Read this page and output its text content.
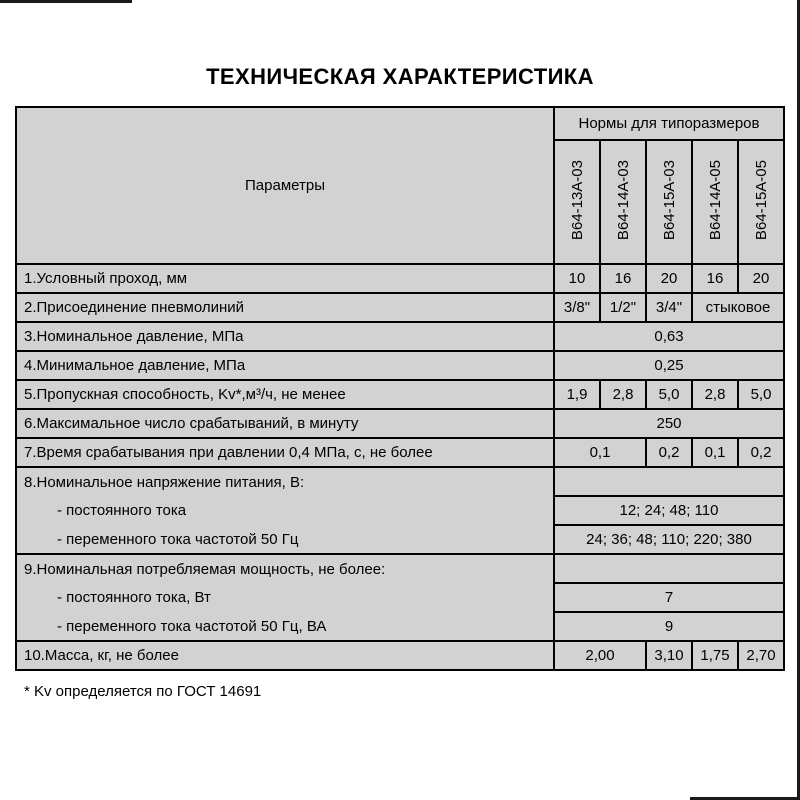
ТЕХНИЧЕСКАЯ ХАРАКТЕРИСТИКА
Параметры	Нормы для типоразмеров				
	В64-13А-03	В64-14А-03	В64-15А-03	В64-14А-05	В64-15А-05
1.Условный проход, мм	10	16	20	16	20
2.Присоединение пневмолиний	3/8"	1/2"	3/4"	стыковое	
3.Номинальное давление, МПа	0,63				
4.Минимальное давление, МПа	0,25				
5.Пропускная способность, Kv*,м³/ч, не менее	1,9	2,8	5,0	2,8	5,0
6.Максимальное число срабатываний, в минуту	250				
7.Время срабатывания при давлении 0,4 МПа, с, не более	0,1		0,2	0,1	0,2
8.Номинальное напряжение питания, В:					
- постоянного тока	12; 24; 48; 110				
- переменного тока частотой 50 Гц	24; 36; 48; 110; 220; 380				
9.Номинальная потребляемая мощность, не более:					
- постоянного тока, Вт	7				
- переменного тока частотой 50 Гц, ВА	9				
10.Масса, кг, не более	2,00		3,10	1,75	2,70

* Kv определяется по ГОСТ 14691
